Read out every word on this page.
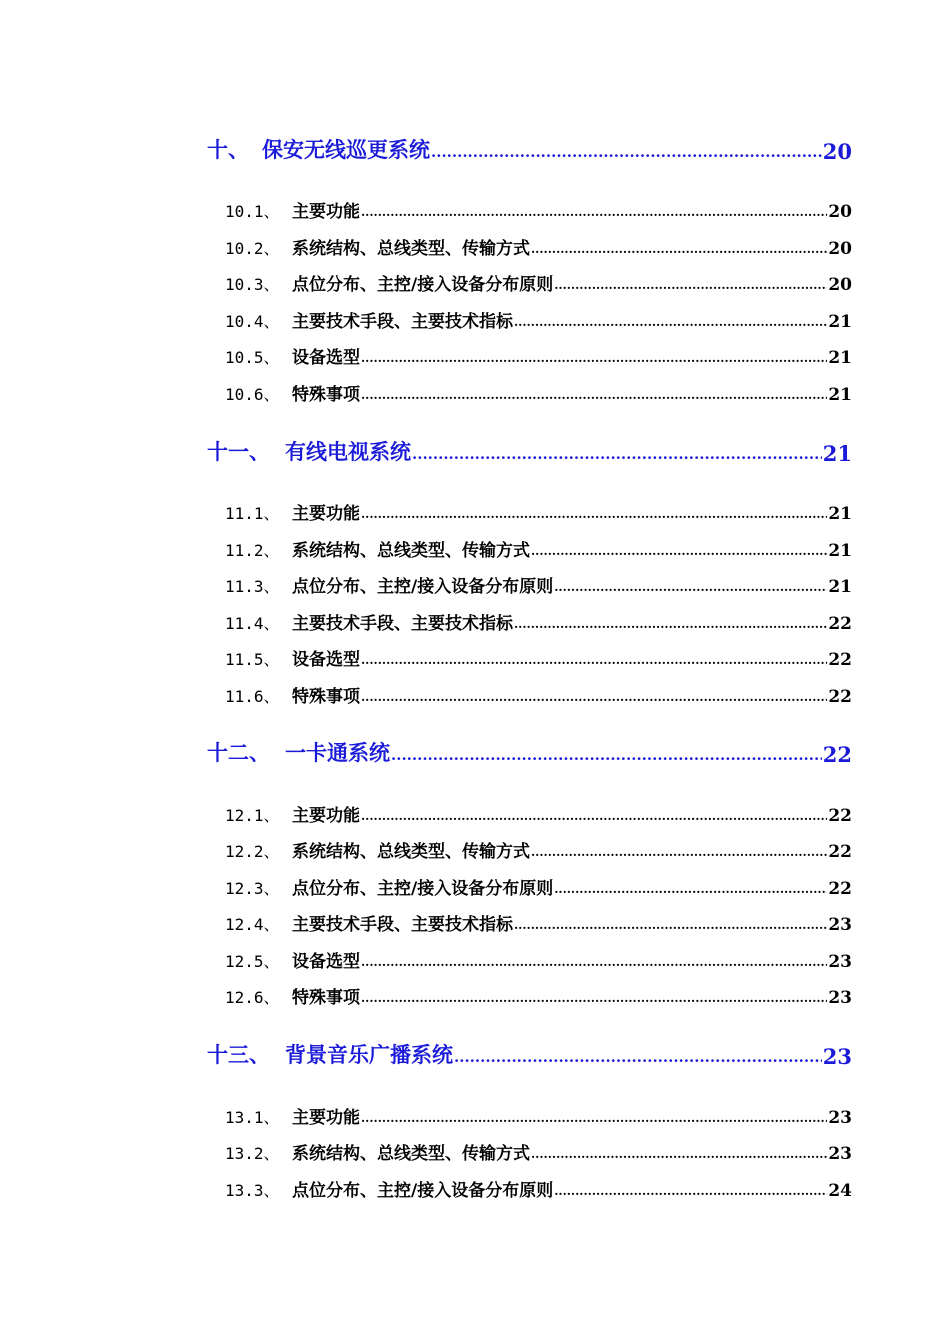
十、 保安无线巡更系统 .....	20
10.1、 主要功能 .....	20
10.2、 系统结构、总线类型、传输方式 .....	20
10.3、 点位分布、主控/接入设备分布原则 .....	20
10.4、 主要技术手段、主要技术指标 .....	21
10.5、 设备选型 .....	21
10.6、 特殊事项 .....	21
十一、 有线电视系统 .....	21
11.1、 主要功能 .....	21
11.2、 系统结构、总线类型、传输方式 .....	21
11.3、 点位分布、主控/接入设备分布原则 .....	21
11.4、 主要技术手段、主要技术指标 .....	22
11.5、 设备选型 .....	22
11.6、 特殊事项 .....	22
十二、 一卡通系统 .....	22
12.1、 主要功能 .....	22
12.2、 系统结构、总线类型、传输方式 .....	22
12.3、 点位分布、主控/接入设备分布原则 .....	22
12.4、 主要技术手段、主要技术指标 .....	23
12.5、 设备选型 .....	23
12.6、 特殊事项 .....	23
十三、 背景音乐广播系统 .....	23
13.1、 主要功能 .....	23
13.2、 系统结构、总线类型、传输方式 .....	23
13.3、 点位分布、主控/接入设备分布原则 .....	24
